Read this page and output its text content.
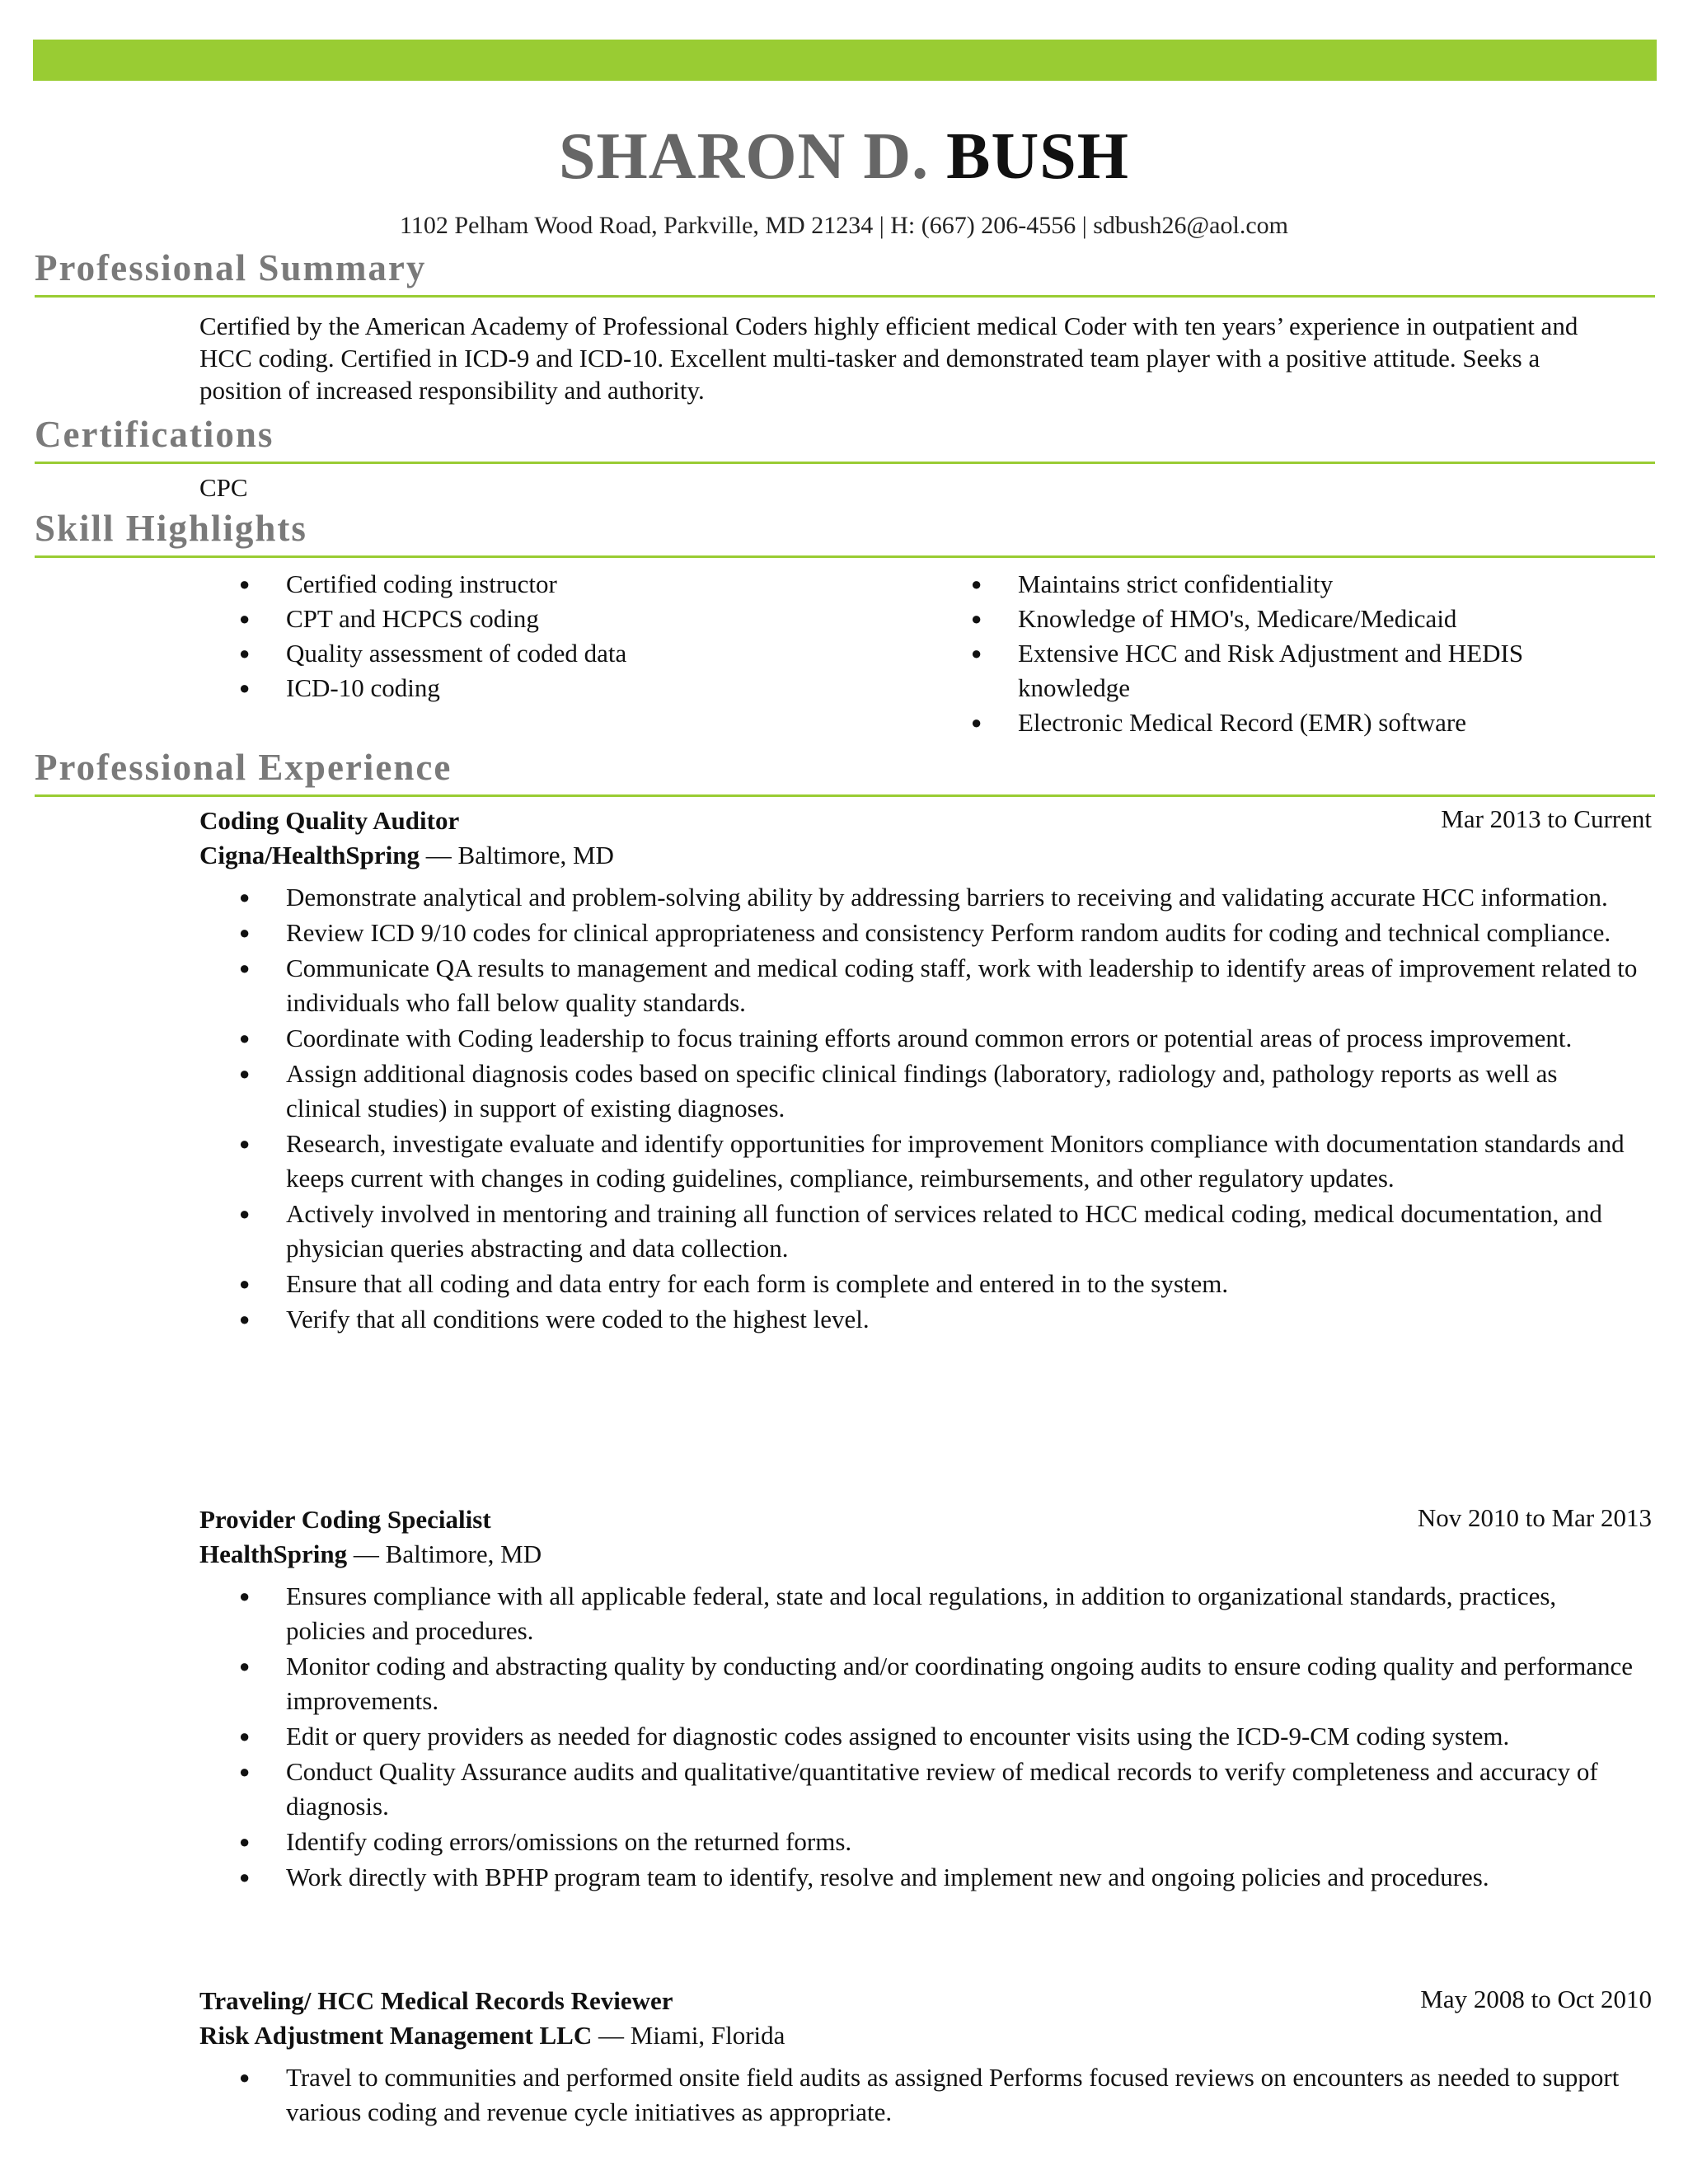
SHARON D. BUSH
1102 Pelham Wood Road, Parkville, MD 21234 | H: (667) 206-4556 | sdbush26@aol.com
Professional Summary
Certified by the American Academy of Professional Coders highly efficient medical Coder with ten years’ experience in outpatient and HCC coding. Certified in ICD-9 and ICD-10. Excellent multi-tasker and demonstrated team player with a positive attitude. Seeks a position of increased responsibility and authority.
Certifications
CPC
Skill Highlights
● Certified coding instructor
● CPT and HCPCS coding
● Quality assessment of coded data
● ICD-10 coding
● Maintains strict confidentiality
● Knowledge of HMO's, Medicare/Medicaid
● Extensive HCC and Risk Adjustment and HEDIS knowledge
● Electronic Medical Record (EMR) software
Professional Experience
Coding Quality Auditor	Mar 2013 to Current
Cigna/HealthSpring — Baltimore, MD
● Demonstrate analytical and problem-solving ability by addressing barriers to receiving and validating accurate HCC information.
● Review ICD 9/10 codes for clinical appropriateness and consistency Perform random audits for coding and technical compliance.
● Communicate QA results to management and medical coding staff, work with leadership to identify areas of improvement related to individuals who fall below quality standards.
● Coordinate with Coding leadership to focus training efforts around common errors or potential areas of process improvement.
● Assign additional diagnosis codes based on specific clinical findings (laboratory, radiology and, pathology reports as well as clinical studies) in support of existing diagnoses.
● Research, investigate evaluate and identify opportunities for improvement Monitors compliance with documentation standards and keeps current with changes in coding guidelines, compliance, reimbursements, and other regulatory updates.
● Actively involved in mentoring and training all function of services related to HCC medical coding, medical documentation, and physician queries abstracting and data collection.
● Ensure that all coding and data entry for each form is complete and entered in to the system.
● Verify that all conditions were coded to the highest level.
Provider Coding Specialist	Nov 2010 to Mar 2013
HealthSpring — Baltimore, MD
● Ensures compliance with all applicable federal, state and local regulations, in addition to organizational standards, practices, policies and procedures.
● Monitor coding and abstracting quality by conducting and/or coordinating ongoing audits to ensure coding quality and performance improvements.
● Edit or query providers as needed for diagnostic codes assigned to encounter visits using the ICD-9-CM coding system.
● Conduct Quality Assurance audits and qualitative/quantitative review of medical records to verify completeness and accuracy of diagnosis.
● Identify coding errors/omissions on the returned forms.
● Work directly with BPHP program team to identify, resolve and implement new and ongoing policies and procedures.
Traveling/ HCC Medical Records Reviewer	May 2008 to Oct 2010
Risk Adjustment Management LLC — Miami, Florida
● Travel to communities and performed onsite field audits as assigned Performs focused reviews on encounters as needed to support various coding and revenue cycle initiatives as appropriate.
